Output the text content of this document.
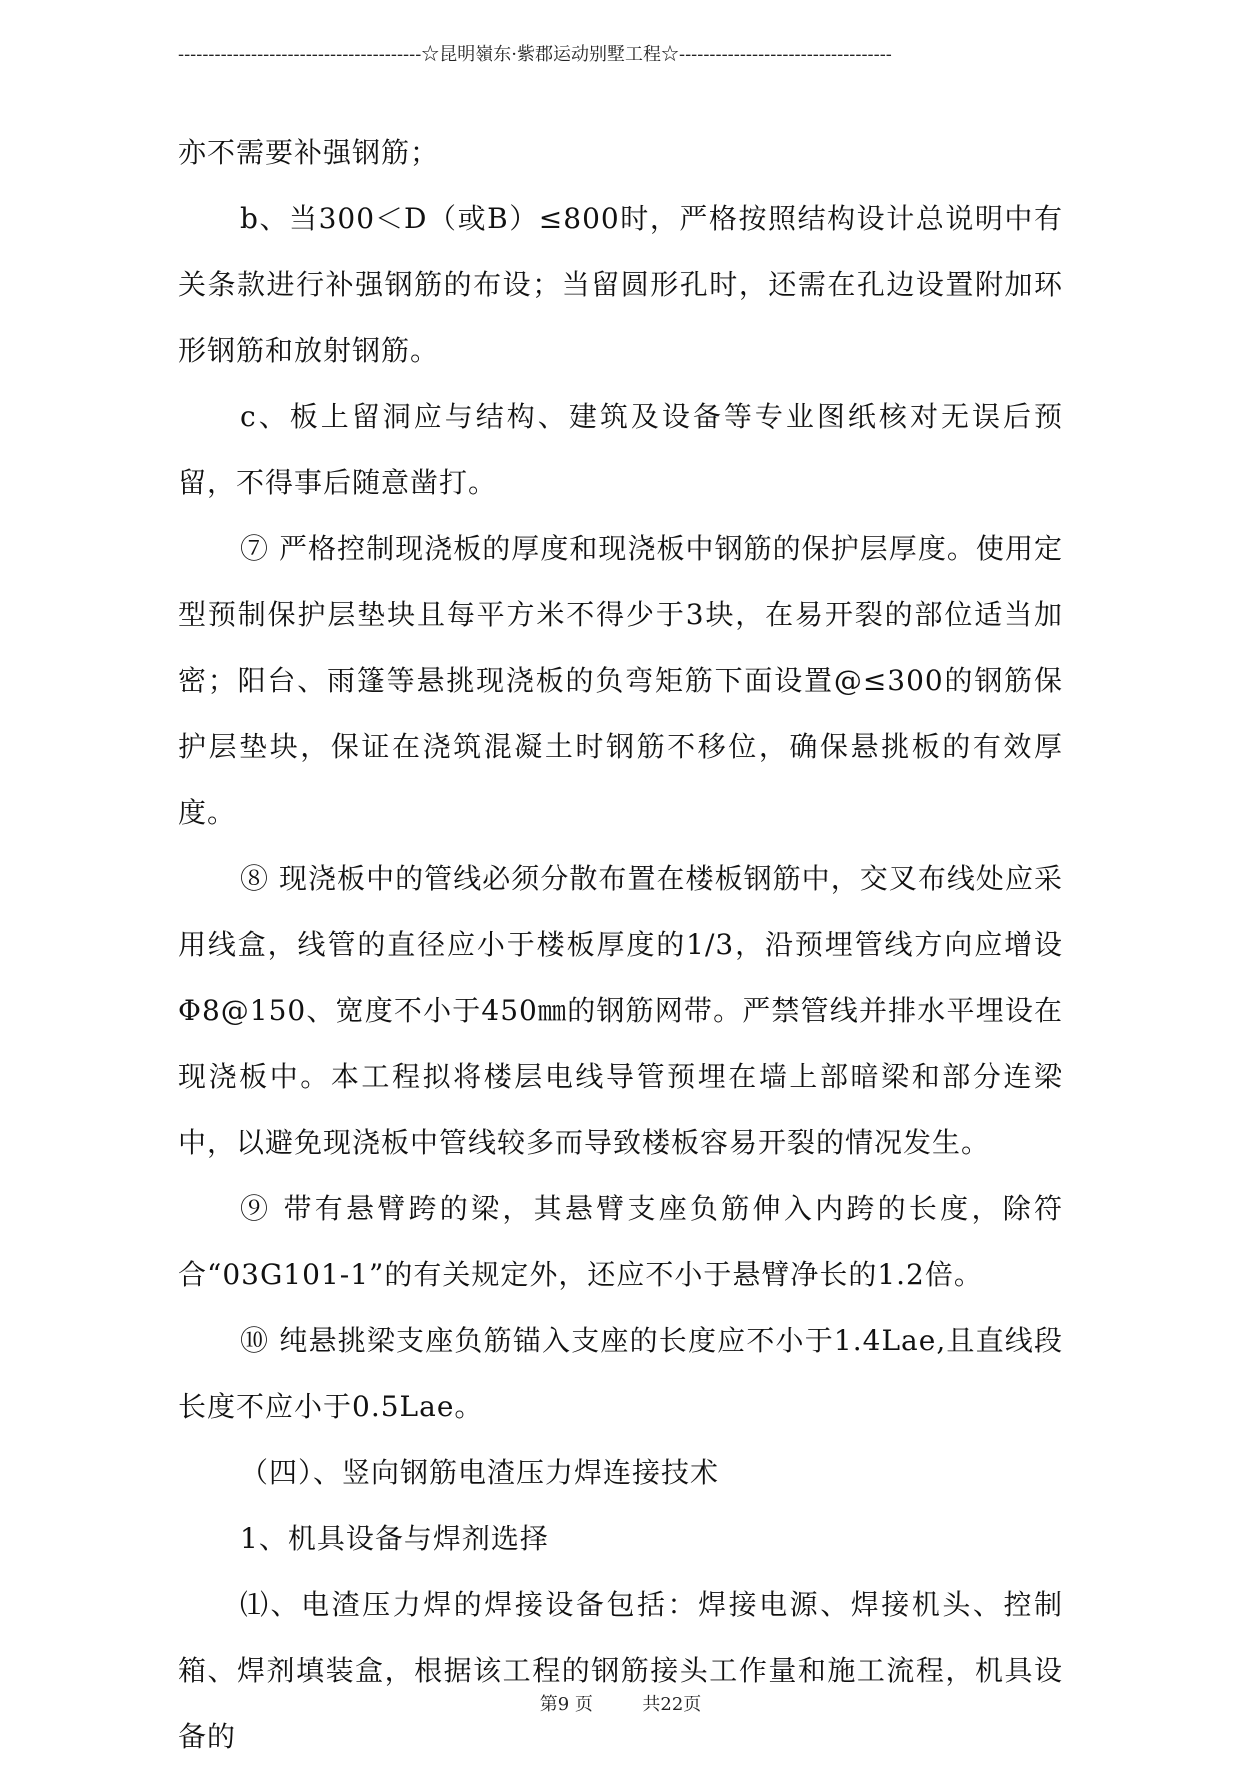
----------------------------------------☆昆明嶺东·紫郡运动别墅工程☆-----------------------------------

亦不需要补强钢筋；

b、当300＜D（或B）≤800时，严格按照结构设计总说明中有关条款进行补强钢筋的布设；当留圆形孔时，还需在孔边设置附加环形钢筋和放射钢筋。

c、板上留洞应与结构、建筑及设备等专业图纸核对无误后预留，不得事后随意凿打。

⑦ 严格控制现浇板的厚度和现浇板中钢筋的保护层厚度。使用定型预制保护层垫块且每平方米不得少于3块，在易开裂的部位适当加密；阳台、雨篷等悬挑现浇板的负弯矩筋下面设置@≤300的钢筋保护层垫块，保证在浇筑混凝土时钢筋不移位，确保悬挑板的有效厚度。

⑧ 现浇板中的管线必须分散布置在楼板钢筋中，交叉布线处应采用线盒，线管的直径应小于楼板厚度的1/3，沿预埋管线方向应增设Φ8@150、宽度不小于450㎜的钢筋网带。严禁管线并排水平埋设在现浇板中。本工程拟将楼层电线导管预埋在墙上部暗梁和部分连梁中，以避免现浇板中管线较多而导致楼板容易开裂的情况发生。

⑨ 带有悬臂跨的梁，其悬臂支座负筋伸入内跨的长度，除符合“03G101-1”的有关规定外，还应不小于悬臂净长的1.2倍。

⑩ 纯悬挑梁支座负筋锚入支座的长度应不小于1.4Lae,且直线段长度不应小于0.5Lae。

（四）、竖向钢筋电渣压力焊连接技术

1、机具设备与焊剂选择

⑴、电渣压力焊的焊接设备包括：焊接电源、焊接机头、控制箱、焊剂填装盒，根据该工程的钢筋接头工作量和施工流程，机具设备的

第9 页	共22页
